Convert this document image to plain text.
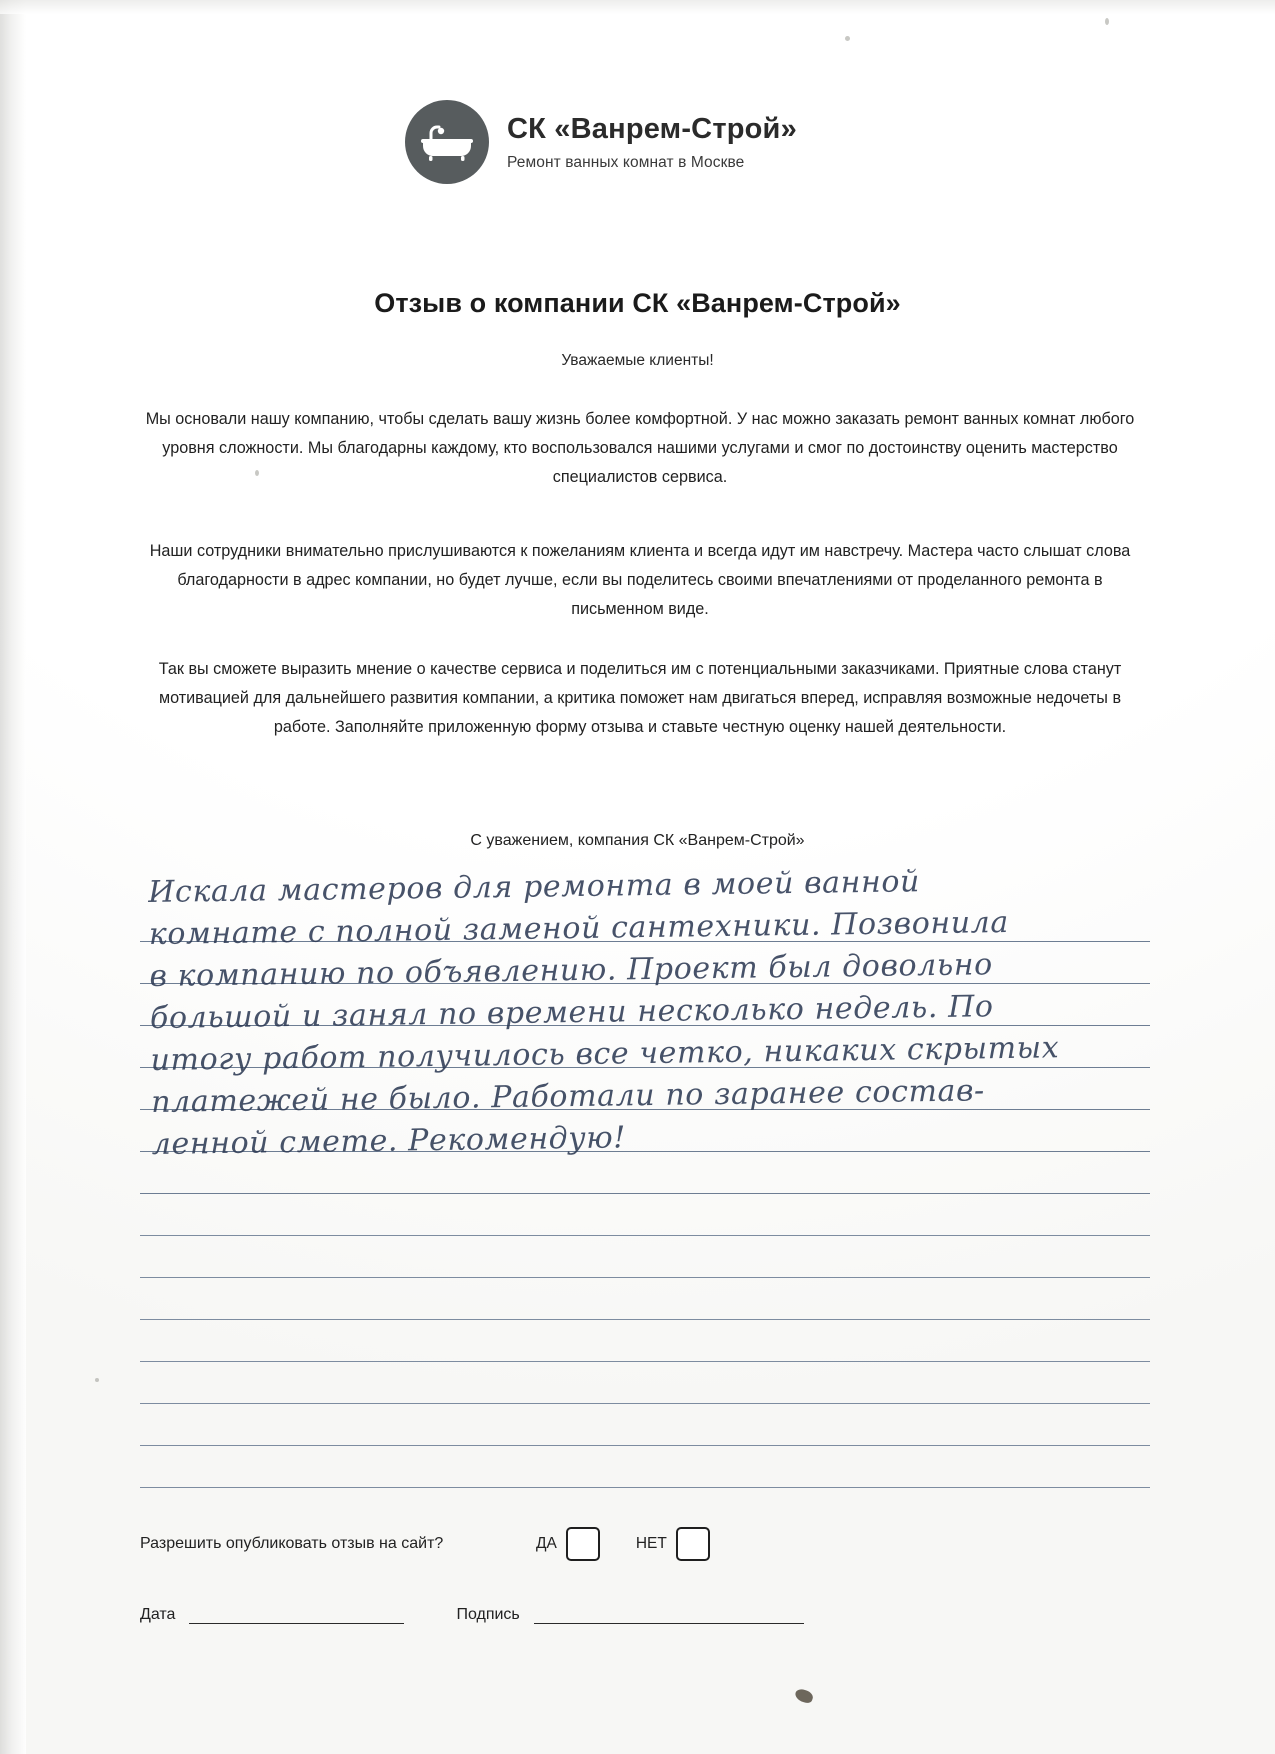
СК «Ванрем-Строй»
Ремонт ванных комнат в Москве
Отзыв о компании СК «Ванрем-Строй»
Уважаемые клиенты!
Мы основали нашу компанию, чтобы сделать вашу жизнь более комфортной. У нас можно заказать ремонт ванных комнат любого уровня сложности. Мы благодарны каждому, кто воспользовался нашими услугами и смог по достоинству оценить мастерство специалистов сервиса.
Наши сотрудники внимательно прислушиваются к пожеланиям клиента и всегда идут им навстречу. Мастера часто слышат слова благодарности в адрес компании, но будет лучше, если вы поделитесь своими впечатлениями от проделанного ремонта в письменном виде.
Так вы сможете выразить мнение о качестве сервиса и поделиться им с потенциальными заказчиками. Приятные слова станут мотивацией для дальнейшего развития компании, а критика поможет нам двигаться вперед, исправляя возможные недочеты в работе. Заполняйте приложенную форму отзыва и ставьте честную оценку нашей деятельности.
С уважением, компания СК «Ванрем-Строй»
Искала мастеров для ремонта в моей ванной
комнате с полной заменой сантехники. Позвонила
в компанию по объявлению. Проект был довольно
большой и занял по времени несколько недель. По
итогу работ получилось все четко, никаких скрытых
платежей не было. Работали по заранее состав-
ленной смете. Рекомендую!
Разрешить опубликовать отзыв на сайт?	ДА	НЕТ
Дата	Подпись
